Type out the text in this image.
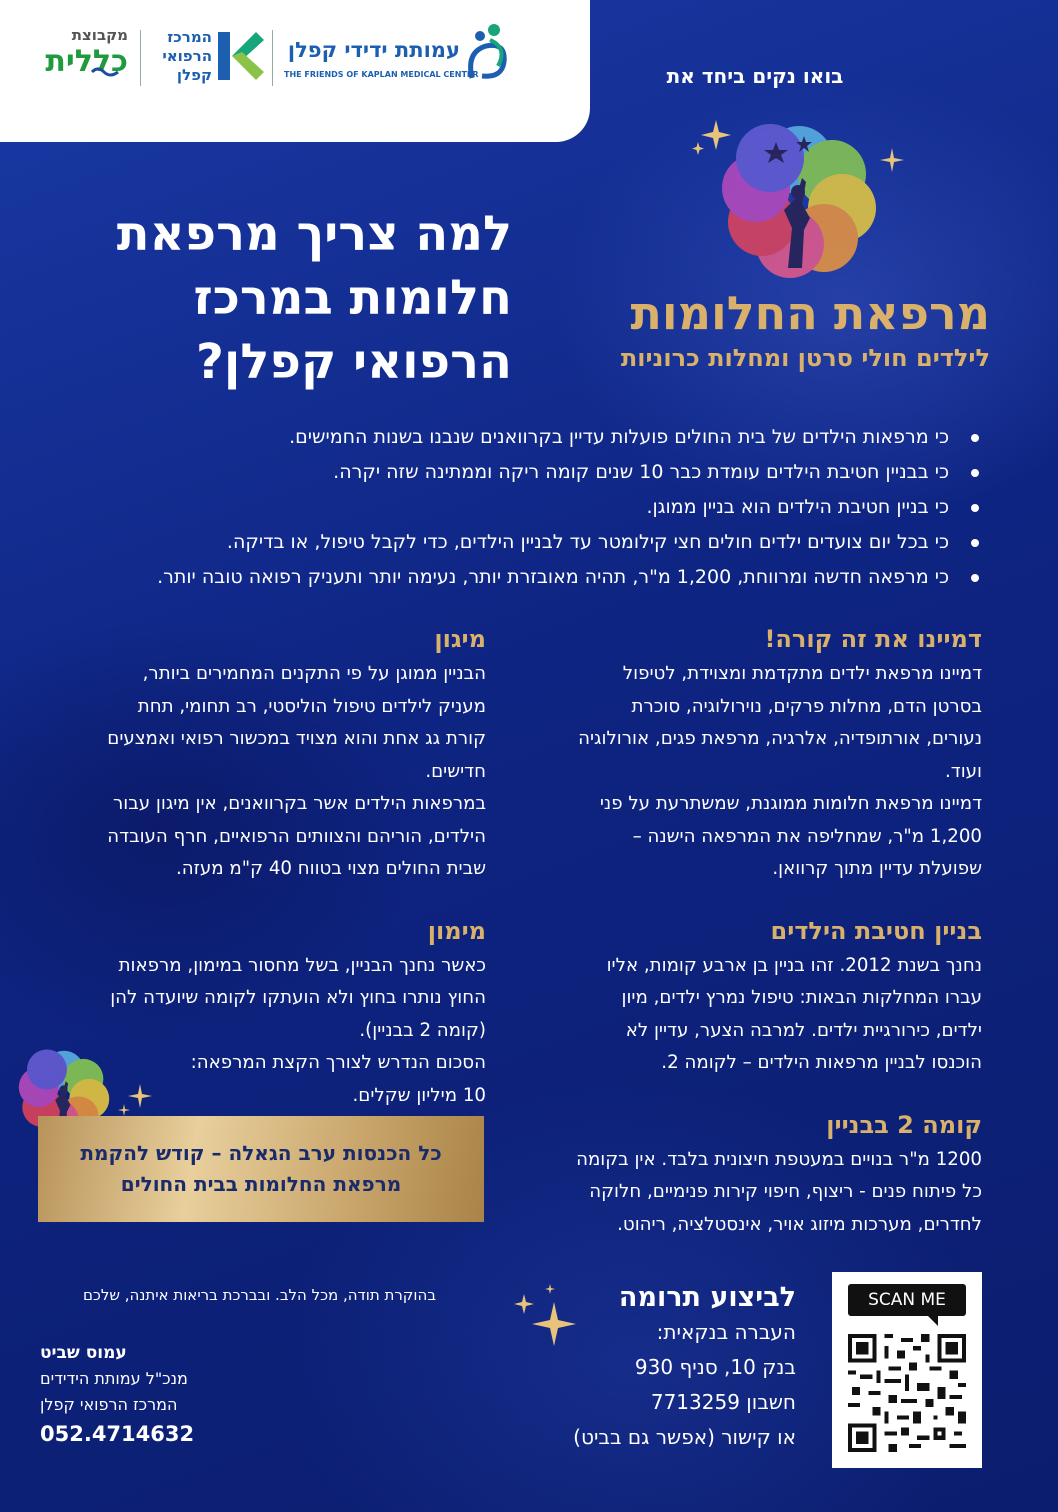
מקבוצת
כללית
המרכז
הרפואי
קפלן
עמותת ידידי קפלן
THE FRIENDS OF KAPLAN MEDICAL CENTER	בואו נקים ביחד את
מרפאת החלומות
לילדים חולי סרטן ומחלות כרוניות
למה צריך מרפאת חלומות במרכז הרפואי קפלן?
כי מרפאות הילדים של בית החולים פועלות עדיין בקרוואנים שנבנו בשנות החמישים.
כי בבניין חטיבת הילדים עומדת כבר 10 שנים קומה ריקה וממתינה שזה יקרה.
כי בניין חטיבת הילדים הוא בניין ממוגן.
כי בכל יום צועדים ילדים חולים חצי קילומטר עד לבניין הילדים, כדי לקבל טיפול, או בדיקה.
כי מרפאה חדשה ומרווחת, 1,200 מ"ר, תהיה מאובזרת יותר, נעימה יותר ותעניק רפואה טובה יותר.
דמיינו את זה קורה!
דמיינו מרפאת ילדים מתקדמת ומצוידת, לטיפול
בסרטן הדם, מחלות פרקים, נוירולוגיה, סוכרת
נעורים, אורתופדיה, אלרגיה, מרפאת פגים, אורולוגיה
ועוד.
דמיינו מרפאת חלומות ממוגנת, שמשתרעת על פני
1,200 מ"ר, שמחליפה את המרפאה הישנה –
שפועלת עדיין מתוך קרוואן.
בניין חטיבת הילדים
נחנך בשנת 2012. זהו בניין בן ארבע קומות, אליו
עברו המחלקות הבאות: טיפול נמרץ ילדים, מיון
ילדים, כירורגיית ילדים. למרבה הצער, עדיין לא
הוכנסו לבניין מרפאות הילדים – לקומה 2.
קומה 2 בבניין
1200 מ"ר בנויים במעטפת חיצונית בלבד. אין בקומה
כל פיתוח פנים - ריצוף, חיפוי קירות פנימיים, חלוקה
לחדרים, מערכות מיזוג אויר, אינסטלציה, ריהוט.
מיגון
הבניין ממוגן על פי התקנים המחמירים ביותר,
מעניק לילדים טיפול הוליסטי, רב תחומי, תחת
קורת גג אחת והוא מצויד במכשור רפואי ואמצעים
חדישים.
במרפאות הילדים אשר בקרוואנים, אין מיגון עבור
הילדים, הוריהם והצוותים הרפואיים, חרף העובדה
שבית החולים מצוי בטווח 40 ק"מ מעזה.
מימון
כאשר נחנך הבניין, בשל מחסור במימון, מרפאות
החוץ נותרו בחוץ ולא הועתקו לקומה שיועדה להן
(קומה 2 בבניין).
הסכום הנדרש לצורך הקצת המרפאה:
10 מיליון שקלים.
כל הכנסות ערב הגאלה – קודש להקמת
מרפאת החלומות בבית החולים
לביצוע תרומה
העברה בנקאית:
בנק 10, סניף 930
חשבון 7713259
או קישור (אפשר גם בביט)
SCAN ME
בהוקרת תודה, מכל הלב. ובברכת בריאות איתנה, שלכם
עמוס שביט
מנכ"ל עמותת הידידים
המרכז הרפואי קפלן
052.4714632
